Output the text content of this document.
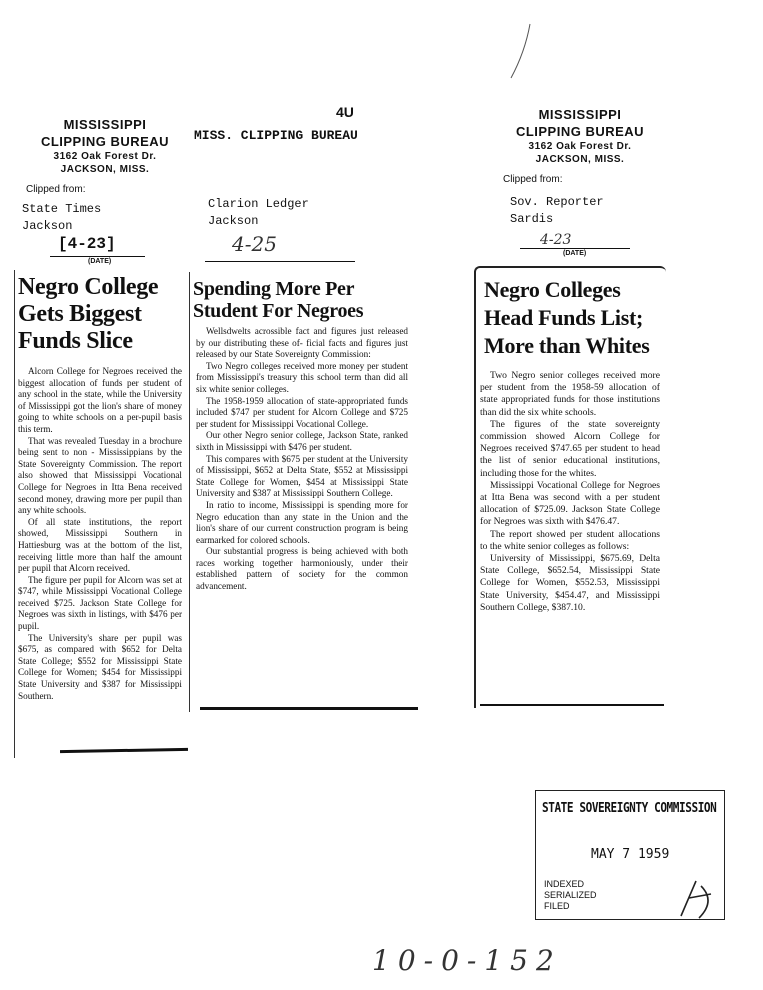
MISSISSIPPI
CLIPPING BUREAU
3162 Oak Forest Dr.
JACKSON, MISS.
Clipped from:
State Times
Jackson
[4-23]
(DATE)
Negro College
Gets Biggest
Funds Slice

Alcorn College for Negroes received the biggest allocation of funds per student of any school in the state, while the University of Mississippi got the lion's share of money going to white schools on a per-pupil basis this term.

That was revealed Tuesday in a brochure being sent to non - Mississippians by the State Sovereignty Commission. The report also showed that Mississippi Vocational College for Negroes in Itta Bena received second money, drawing more per pupil than any white schools.

Of all state institutions, the report showed, Mississippi Southern in Hattiesburg was at the bottom of the list, receiving little more than half the amount per pupil that Alcorn received.

The figure per pupil for Alcorn was set at $747, while Mississippi Vocational College received $725. Jackson State College for Negroes was sixth in listings, with $476 per pupil.

The University's share per pupil was $675, as compared with $652 for Delta State College; $552 for Mississippi State College for Women; $454 for Mississippi State University and $387 for Mississippi Southern.

4U
MISS. CLIPPING BUREAU
Clarion Ledger
Jackson
4-25
Spending More Per
Student For Negroes

Wellsdwelts acrossible fact and figures just released by our distributing these of- ficial facts and figures just released by our State Sovereignty Commission:

Two Negro colleges received more money per student from Mississippi's treasury this school term than did all six white senior colleges.

The 1958-1959 allocation of state-appropriated funds included $747 per student for Alcorn College and $725 per student for Mississippi Vocational College.

Our other Negro senior college, Jackson State, ranked sixth in Mississippi with $476 per student.

This compares with $675 per student at the University of Mississippi, $652 at Delta State, $552 at Mississippi State College for Women, $454 at Mississippi State University and $387 at Mississippi Southern College.

In ratio to income, Mississippi is spending more for Negro education than any state in the Union and the lion's share of our current construction program is being earmarked for colored schools.

Our substantial progress is being achieved with both races working together harmoniously, under their established pattern of society for the common advancement.

MISSISSIPPI
CLIPPING BUREAU
3162 Oak Forest Dr.
JACKSON, MISS.
Clipped from:
Sov. Reporter
Sardis
4-23
(DATE)
Negro Colleges
Head Funds List;
More than Whites

Two Negro senior colleges received more per student from the 1958-59 allocation of state appropriated funds for those institutions than did the six white schools.

The figures of the state sovereignty commission showed Alcorn College for Negroes received $747.65 per student to head the list of senior educational institutions, including those for the whites.

Mississippi Vocational College for Negroes at Itta Bena was second with a per student allocation of $725.09. Jackson State College for Negroes was sixth with $476.47.

The report showed per student allocations to the white senior colleges as follows:

University of Mississippi, $675.69, Delta State College, $652.54, Mississippi State College for Women, $552.53, Mississippi State University, $454.47, and Mississippi Southern College, $387.10.

STATE SOVEREIGNTY COMMISSION
MAY 7 1959
INDEXED
SERIALIZED
FILED
10-0-152
